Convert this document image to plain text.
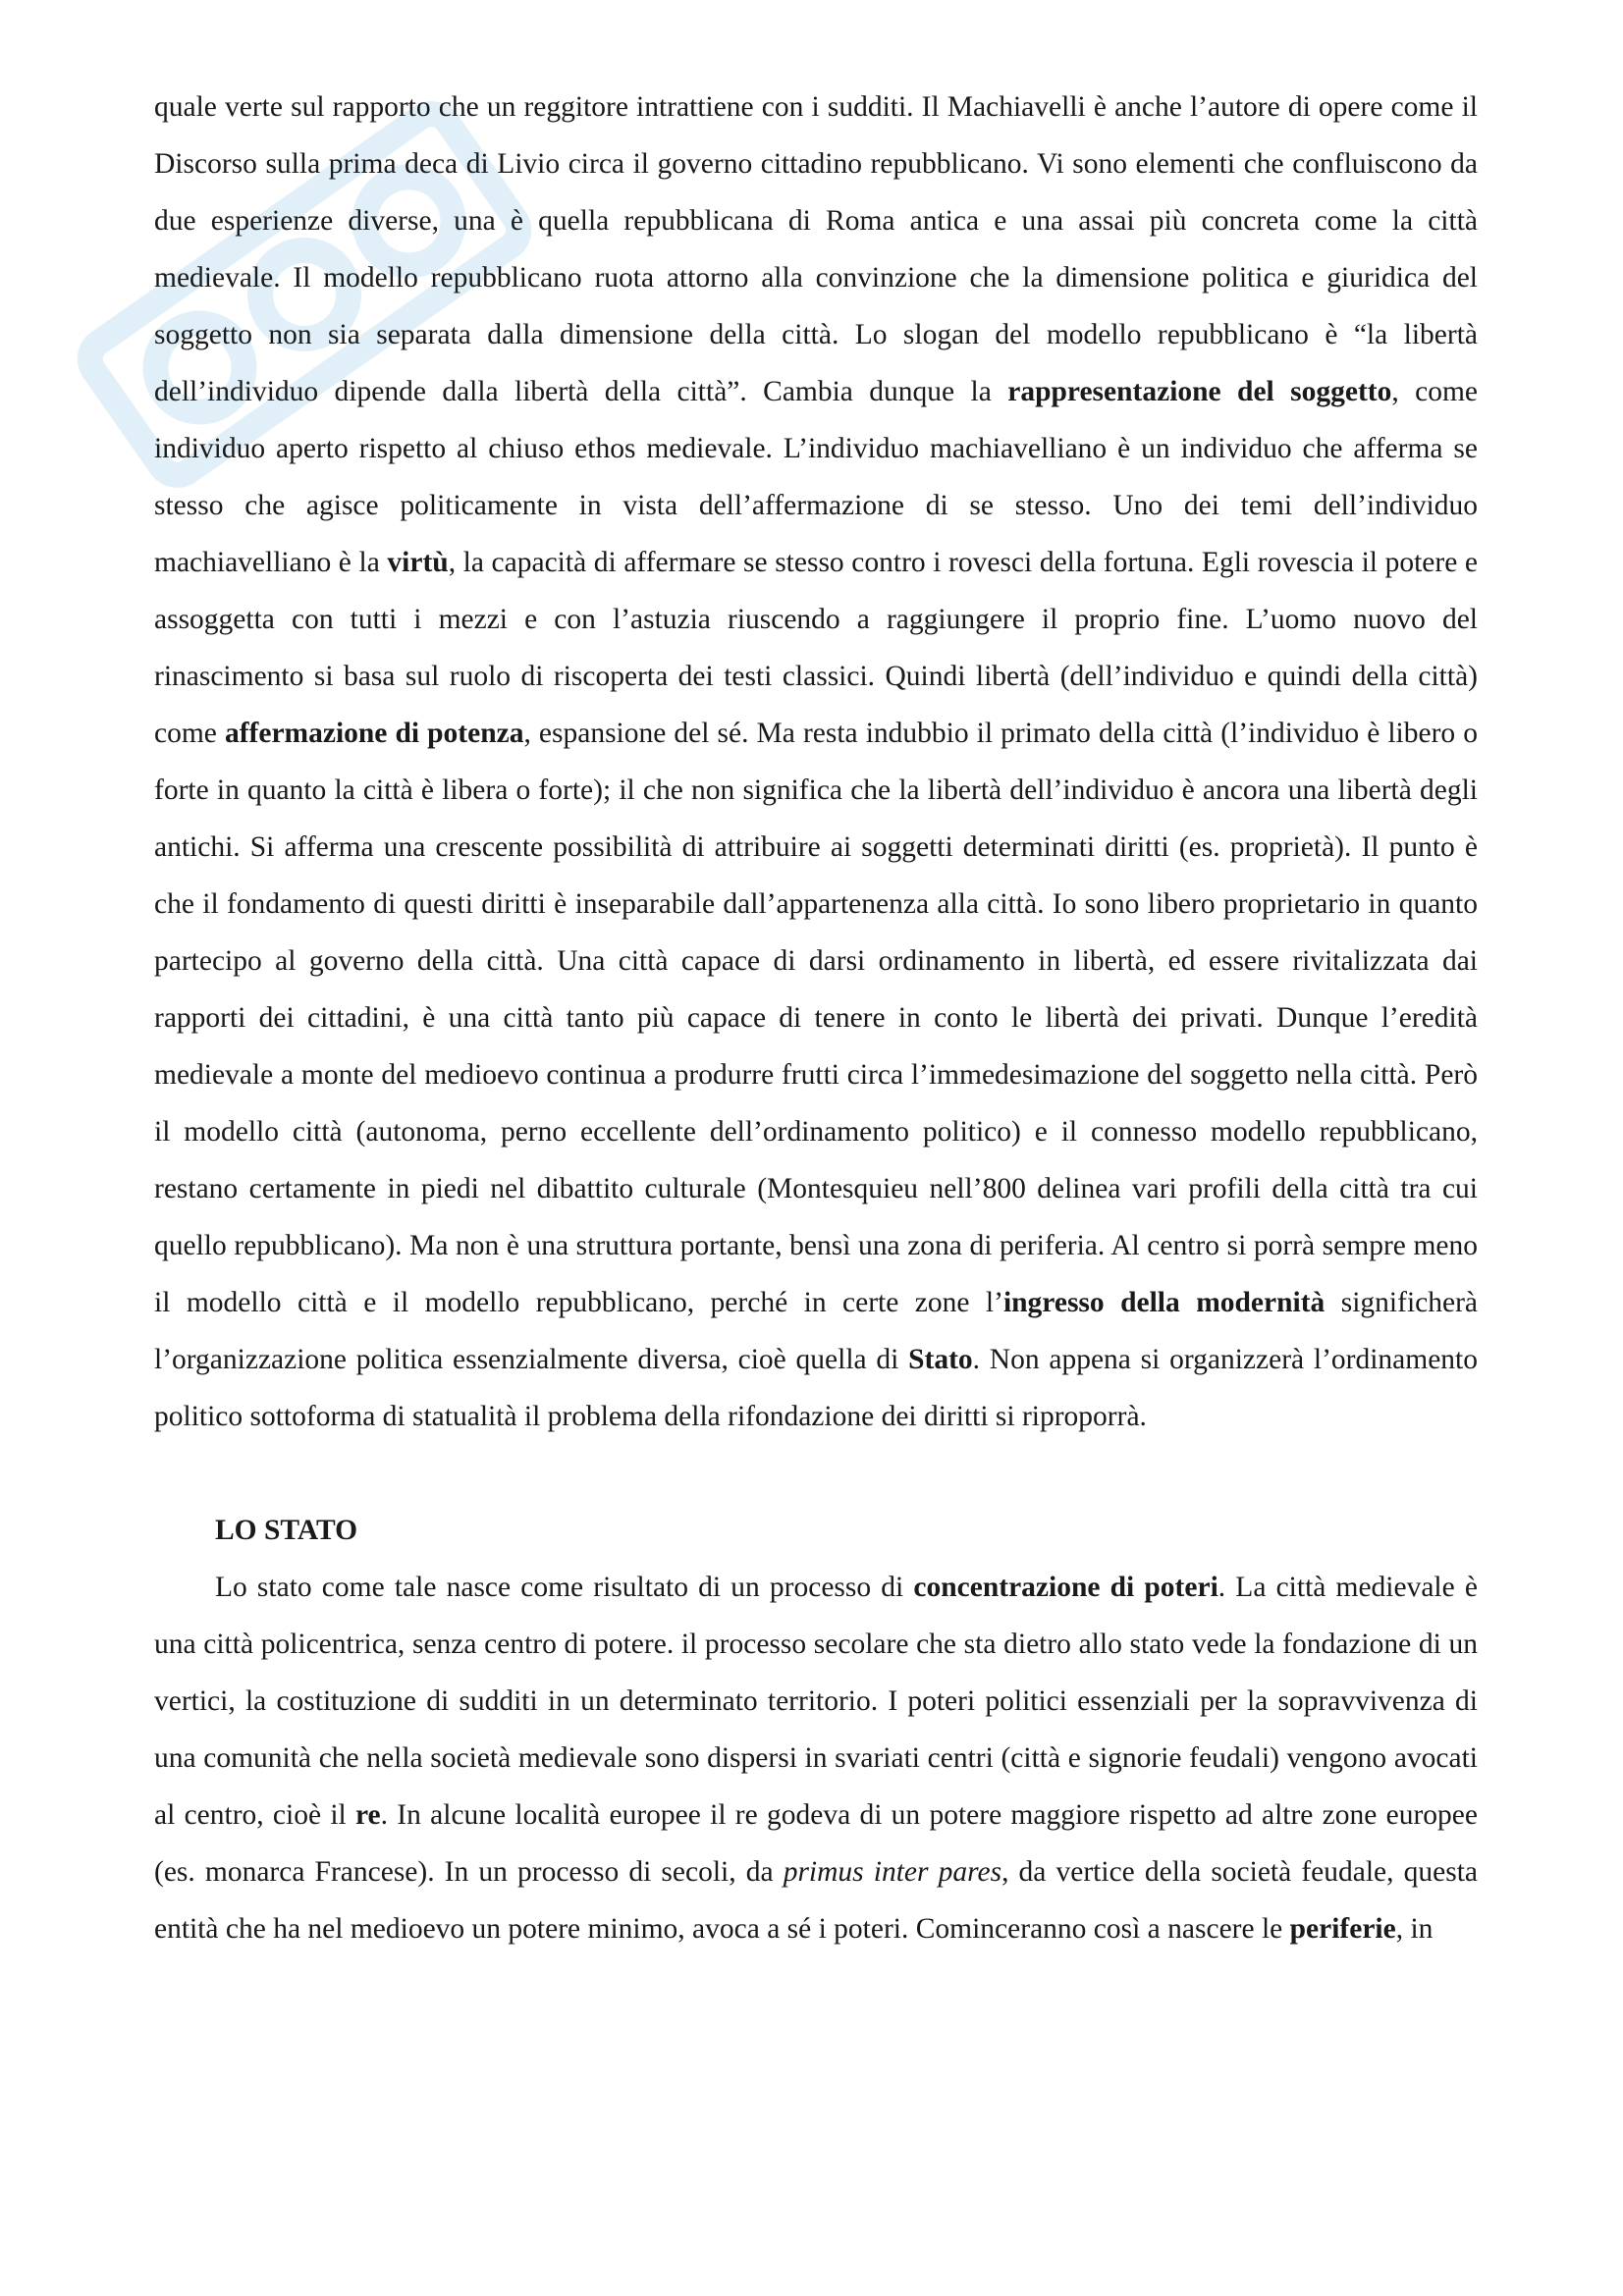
quale verte sul rapporto che un reggitore intrattiene con i sudditi. Il Machiavelli è anche l’autore di opere come il Discorso sulla prima deca di Livio circa il governo cittadino repubblicano. Vi sono elementi che confluiscono da due esperienze diverse, una è quella repubblicana di Roma antica e una assai più concreta come la città medievale. Il modello repubblicano ruota attorno alla convinzione che la dimensione politica e giuridica del soggetto non sia separata dalla dimensione della città. Lo slogan del modello repubblicano è “la libertà dell’individuo dipende dalla libertà della città”. Cambia dunque la rappresentazione del soggetto, come individuo aperto rispetto al chiuso ethos medievale. L’individuo machiavelliano è un individuo che afferma se stesso che agisce politicamente in vista dell’affermazione di se stesso. Uno dei temi dell’individuo machiavelliano è la virtù, la capacità di affermare se stesso contro i rovesci della fortuna. Egli rovescia il potere e assoggetta con tutti i mezzi e con l’astuzia riuscendo a raggiungere il proprio fine. L’uomo nuovo del rinascimento si basa sul ruolo di riscoperta dei testi classici. Quindi libertà (dell’individuo e quindi della città) come affermazione di potenza, espansione del sé. Ma resta indubbio il primato della città (l’individuo è libero o forte in quanto la città è libera o forte); il che non significa che la libertà dell’individuo è ancora una libertà degli antichi. Si afferma una crescente possibilità di attribuire ai soggetti determinati diritti (es. proprietà). Il punto è che il fondamento di questi diritti è inseparabile dall’appartenenza alla città. Io sono libero proprietario in quanto partecipo al governo della città. Una città capace di darsi ordinamento in libertà, ed essere rivitalizzata dai rapporti dei cittadini, è una città tanto più capace di tenere in conto le libertà dei privati. Dunque l’eredità medievale a monte del medioevo continua a produrre frutti circa l’immedesimazione del soggetto nella città. Però il modello città (autonoma, perno eccellente dell’ordinamento politico) e il connesso modello repubblicano, restano certamente in piedi nel dibattito culturale (Montesquieu nell’800 delinea vari profili della città tra cui quello repubblicano). Ma non è una struttura portante, bensì una zona di periferia. Al centro si porrà sempre meno il modello città e il modello repubblicano, perché in certe zone l’ingresso della modernità significherà l’organizzazione politica essenzialmente diversa, cioè quella di Stato. Non appena si organizzerà l’ordinamento politico sottoforma di statualità il problema della rifondazione dei diritti si riproporrà.

LO STATO

Lo stato come tale nasce come risultato di un processo di concentrazione di poteri. La città medievale è una città policentrica, senza centro di potere. il processo secolare che sta dietro allo stato vede la fondazione di un vertici, la costituzione di sudditi in un determinato territorio. I poteri politici essenziali per la sopravvivenza di una comunità che nella società medievale sono dispersi in svariati centri (città e signorie feudali) vengono avocati al centro, cioè il re. In alcune località europee il re godeva di un potere maggiore rispetto ad altre zone europee (es. monarca Francese). In un processo di secoli, da primus inter pares, da vertice della società feudale, questa entità che ha nel medioevo un potere minimo, avoca a sé i poteri. Cominceranno così a nascere le periferie, in
